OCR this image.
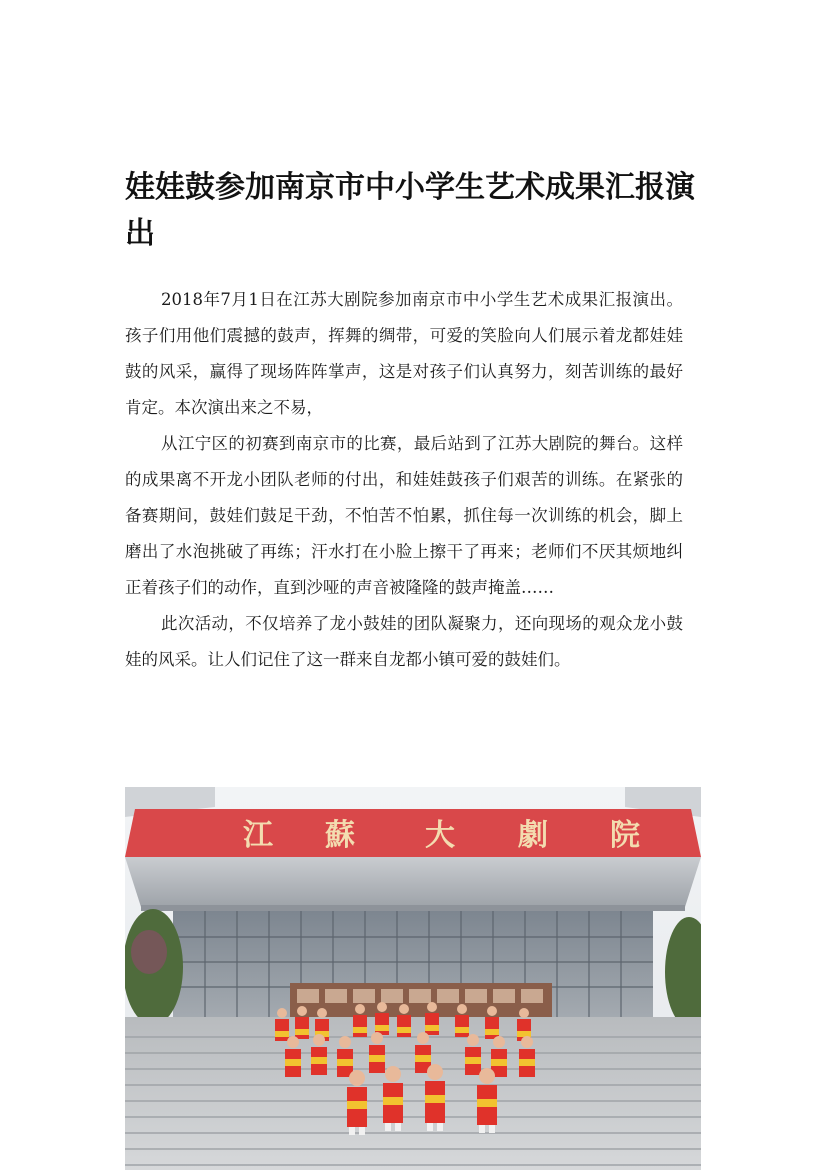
娃娃鼓参加南京市中小学生艺术成果汇报演出

2018年7月1日在江苏大剧院参加南京市中小学生艺术成果汇报演出。孩子们用他们震撼的鼓声，挥舞的绸带，可爱的笑脸向人们展示着龙都娃娃鼓的风采，赢得了现场阵阵掌声，这是对孩子们认真努力，刻苦训练的最好肯定。本次演出来之不易，

从江宁区的初赛到南京市的比赛，最后站到了江苏大剧院的舞台。这样的成果离不开龙小团队老师的付出，和娃娃鼓孩子们艰苦的训练。在紧张的备赛期间，鼓娃们鼓足干劲，不怕苦不怕累，抓住每一次训练的机会，脚上磨出了水泡挑破了再练；汗水打在小脸上擦干了再来；老师们不厌其烦地纠正着孩子们的动作，直到沙哑的声音被隆隆的鼓声掩盖……

此次活动，不仅培养了龙小鼓娃的团队凝聚力，还向现场的观众龙小鼓娃的风采。让人们记住了这一群来自龙都小镇可爱的鼓娃们。

江 蘇 大 劇 院
